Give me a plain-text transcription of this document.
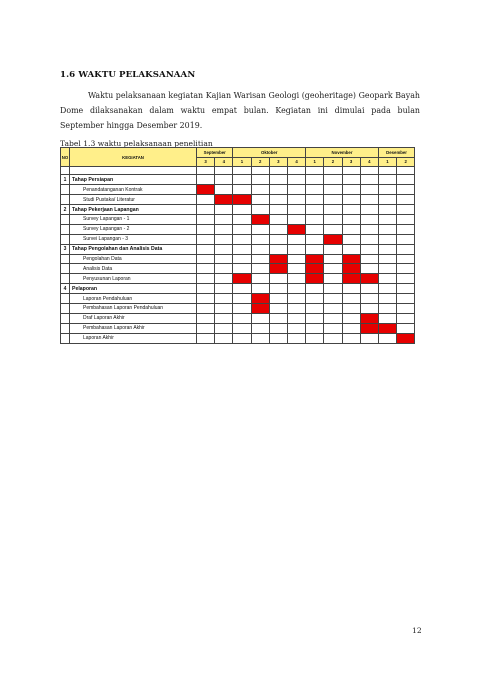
1.6 WAKTU PELAKSANAAN
Waktu pelaksanaan kegiatan Kajian Warisan Geologi (geoheritage) Geopark Bayah Dome dilaksanakan dalam waktu empat bulan. Kegiatan ini dimulai pada bulan September hingga Desember 2019.
Tabel 1.3 waktu pelaksanaan penelitian
NO	KEGIATAN	September		Oktober				November				Desember	
		3	4	1	2	3	4	1	2	3	4	1	2

1	Tahap Persiapan												
	Penandatanganan Kontrak												
	Studi Pustaka/ Literatur												
2	Tahap Pekerjaan Lapangan												
	Survey Lapangan - 1												
	Survey Lapangan - 2												
	Survei Lapangan - 3												
3	Tahap Pengolahan dan Analisis Data												
	Pengolahan Data												
	Analisis Data												
	Penyusunan Laporan												
4	Pelaporan												
	Laporan Pendahuluan												
	Pembahasan Laporan Pendahuluan												
	Draf Laporan Akhir												
	Pembahasan Laporan Akhir												
	Laporan Akhir												
12
